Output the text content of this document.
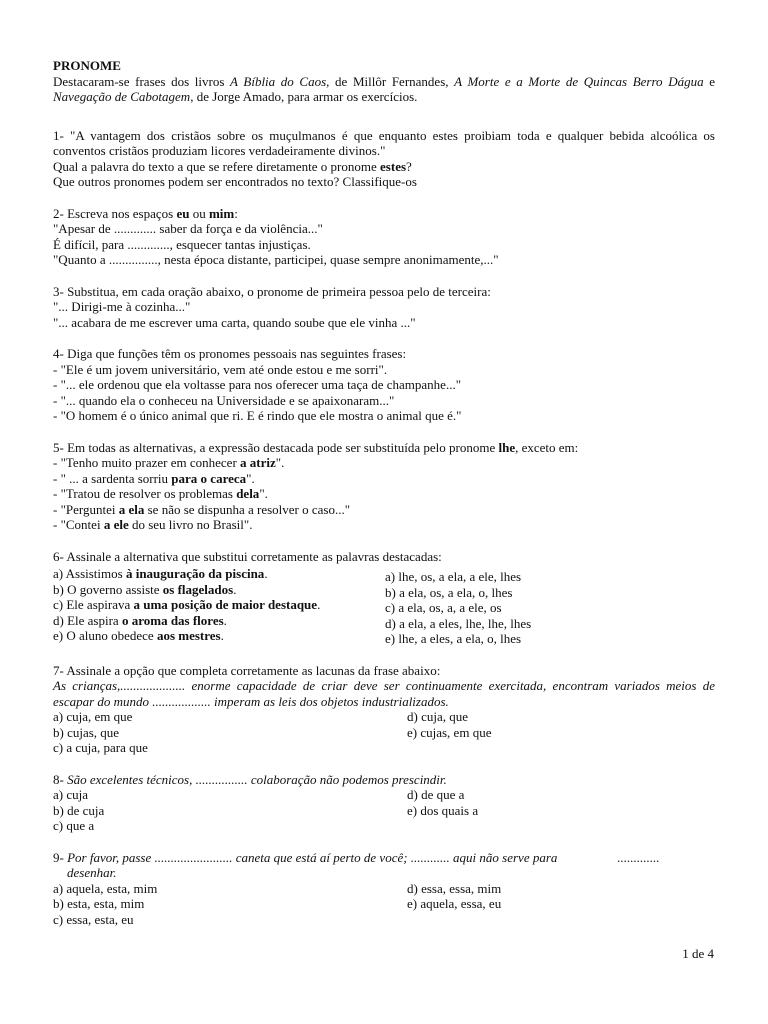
PRONOME
Destacaram-se frases dos livros A Bíblia do Caos, de Millôr Fernandes, A Morte e a Morte de Quincas Berro Dágua e Navegação de Cabotagem, de Jorge Amado, para armar os exercícios.
1- "A vantagem dos cristãos sobre os muçulmanos é que enquanto estes proibiam toda e qualquer bebida alcoólica os conventos cristãos produziam licores verdadeiramente divinos."
Qual a palavra do texto a que se refere diretamente o pronome estes?
Que outros pronomes podem ser encontrados no texto? Classifique-os
2- Escreva nos espaços eu ou mim:
"Apesar de ............. saber da força e da violência..."
É difícil, para ............., esquecer tantas injustiças.
"Quanto a ..............., nesta época distante, participei, quase sempre anonimamente,..."
3- Substitua, em cada oração abaixo, o pronome de primeira pessoa pelo de terceira:
"... Dirigi-me à cozinha..."
"... acabara de me escrever uma carta, quando soube que ele vinha ..."
4- Diga que funções têm os pronomes pessoais nas seguintes frases:
- "Ele é um jovem universitário, vem até onde estou e me sorri".
- "... ele ordenou que ela voltasse para nos oferecer uma taça de champanhe..."
- "... quando ela o conheceu na Universidade e se apaixonaram..."
- "O homem é o único animal que ri. E é rindo que ele mostra o animal que é."
5- Em todas as alternativas, a expressão destacada pode ser substituída pelo pronome lhe, exceto em:
- "Tenho muito prazer em conhecer a atriz".
- " ... a sardenta sorriu para o careca".
- "Tratou de resolver os problemas dela".
- "Perguntei a ela se não se dispunha a resolver o caso..."
- "Contei a ele do seu livro no Brasil".
6- Assinale a alternativa que substitui corretamente as palavras destacadas:
a) Assistimos à inauguração da piscina.
b) O governo assiste os flagelados.
c) Ele aspirava a uma posição de maior destaque.
d) Ele aspira o aroma das flores.
e) O aluno obedece aos mestres.
a) lhe, os, a ela, a ele, lhes
b) a ela, os, a ela, o, lhes
c) a ela, os, a, a ele, os
d) a ela, a eles, lhe, lhe, lhes
e) lhe, a eles, a ela, o, lhes
7- Assinale a opção que completa corretamente as lacunas da frase abaixo:
As crianças,.................... enorme capacidade de criar deve ser continuamente exercitada, encontram variados meios de escapar do mundo .................. imperam as leis dos objetos industrializados.
a) cuja, em que
b) cujas, que
c) a cuja, para que
d) cuja, que
e) cujas, em que
8- São excelentes técnicos, ................ colaboração não podemos prescindir.
a) cuja
b) de cuja
c) que a
d) de que a
e) dos quais a
9- Por favor, passe ........................ caneta que está aí perto de você; ............ aqui não serve para	.............
desenhar.
a) aquela, esta, mim
b) esta, esta, mim
c) essa, esta, eu
d) essa, essa, mim
e) aquela, essa, eu
1 de 4
